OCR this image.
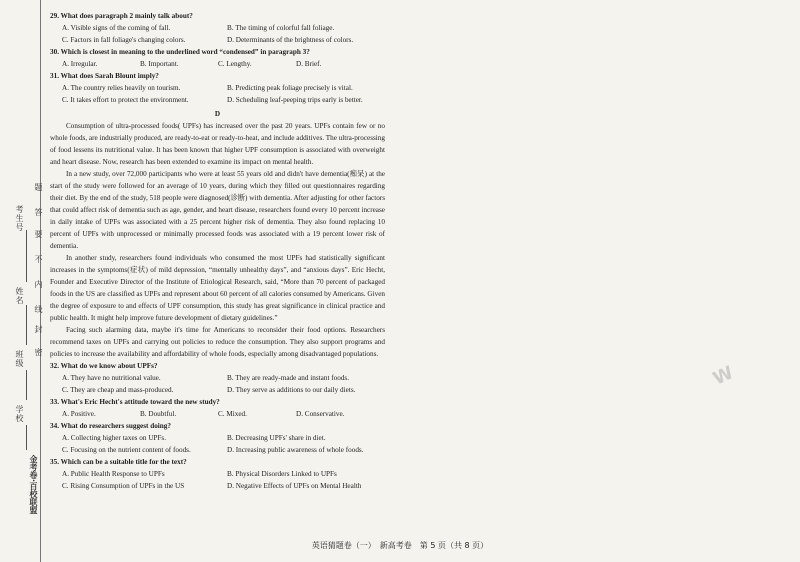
考生号
姓名
班级
学校
题
答
要
不
内
线
封
密
金考卷·百校联盟
29. What does paragraph 2 mainly talk about?
A. Visible signs of the coming of fall.	B. The timing of colorful fall foliage.
C. Factors in fall foliage's changing colors.	D. Determinants of the brightness of colors.
30. Which is closest in meaning to the underlined word “condensed” in paragraph 3?
A. Irregular.	B. Important.	C. Lengthy.	D. Brief.
31. What does Sarah Blount imply?
A. The country relies heavily on tourism.	B. Predicting peak foliage precisely is vital.
C. It takes effort to protect the environment.	D. Scheduling leaf-peeping trips early is better.
D

Consumption of ultra-processed foods( UPFs) has increased over the past 20 years. UPFs contain few or no whole foods, are industrially produced, are ready-to-eat or ready-to-heat, and include additives. The ultra-processing of food lessens its nutritional value. It has been known that higher UPF consumption is associated with overweight and heart disease. Now, research has been extended to examine its impact on mental health.

In a new study, over 72,000 participants who were at least 55 years old and didn't have dementia(痴呆) at the start of the study were followed for an average of 10 years, during which they filled out questionnaires regarding their diet. By the end of the study, 518 people were diagnosed(诊断) with dementia. After adjusting for other factors that could affect risk of dementia such as age, gender, and heart disease, researchers found every 10 percent increase in daily intake of UPFs was associated with a 25 percent higher risk of dementia. They also found replacing 10 percent of UPFs with unprocessed or minimally processed foods was associated with a 19 percent lower risk of dementia.

In another study, researchers found individuals who consumed the most UPFs had statistically significant increases in the symptoms(症状) of mild depression, “mentally unhealthy days”, and “anxious days”. Eric Hecht, Founder and Executive Director of the Institute of Etiological Research, said, “More than 70 percent of packaged foods in the US are classified as UPFs and represent about 60 percent of all calories consumed by Americans. Given the degree of exposure to and effects of UPF consumption, this study has great significance in clinical practice and public health. It might help improve future development of dietary guidelines.”

Facing such alarming data, maybe it's time for Americans to reconsider their food options. Researchers recommend taxes on UPFs and carrying out policies to reduce the consumption. They also support programs and policies to increase the availability and affordability of whole foods, especially among disadvantaged populations.

32. What do we know about UPFs?
A. They have no nutritional value.	B. They are ready-made and instant foods.
C. They are cheap and mass-produced.	D. They serve as additions to our daily diets.
33. What's Eric Hecht's attitude toward the new study?
A. Positive.	B. Doubtful.	C. Mixed.	D. Conservative.
34. What do researchers suggest doing?
A. Collecting higher taxes on UPFs.	B. Decreasing UPFs' share in diet.
C. Focusing on the nutrient content of foods.	D. Increasing public awareness of whole foods.
35. Which can be a suitable title for the text?
A. Public Health Response to UPFs	B. Physical Disorders Linked to UPFs
C. Rising Consumption of UPFs in the US	D. Negative Effects of UPFs on Mental Health
W
英语猜题卷（一）　新高考卷　第 5 页（共 8 页）
